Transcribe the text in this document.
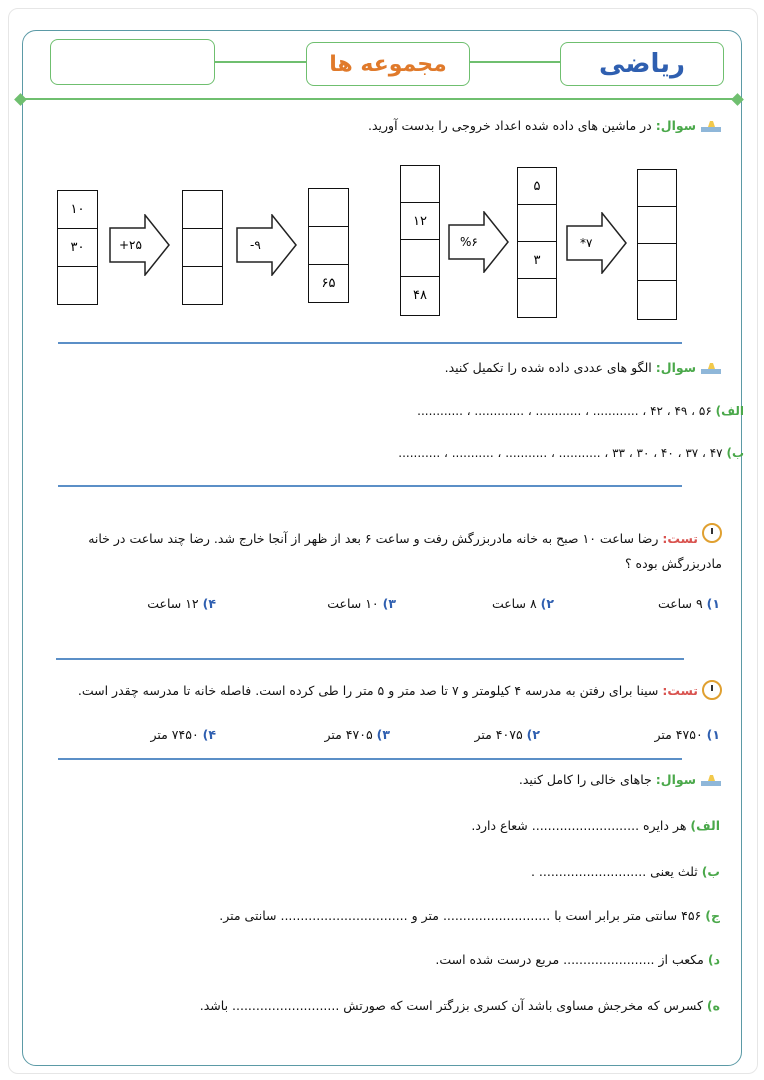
مجموعه ها	ریاضی
سوال:
در ماشین های داده شده اعداد خروجی را بدست آورید.
۱۰
۳۰	+۲۵	-۹
۶۵
۱۲
۴۸
%۶
۵
۳
*۷
سوال:
الگو های عددی داده شده را تکمیل کنید.
الف) ۵۶ ، ۴۹ ، ۴۲ ، ............ ، ............ ، ............. ، ............
ب) ۴۷ ، ۳۷ ، ۴۰ ، ۳۰ ، ۳۳ ، ........... ، ........... ، ........... ، ...........
تست: رضا ساعت ۱۰ صبح به خانه مادربزرگش رفت و ساعت ۶ بعد از ظهر از آنجا خارج شد. رضا چند ساعت در خانه
مادربزرگش بوده ؟
۱) ۹ ساعت
۲) ۸ ساعت
۳) ۱۰ ساعت
۴) ۱۲ ساعت
تست:
سینا برای رفتن به مدرسه ۴ کیلومتر و ۷ تا صد متر و ۵ متر را طی کرده است. فاصله خانه تا مدرسه چقدر است.
۱) ۴۷۵۰ متر
۲) ۴۰۷۵ متر
۳) ۴۷۰۵ متر
۴) ۷۴۵۰ متر
سوال:
جاهای خالی را کامل کنید.
الف) هر دایره ........................... شعاع دارد.
ب) ثلث یعنی ........................... .
ج) ۴۵۶ سانتی متر برابر است با ........................... متر و ................................ سانتی متر.
د) مکعب از ....................... مربع درست شده است.
ه) کسرس که مخرجش مساوی باشد آن کسری بزرگتر است که صورتش ........................... باشد.
